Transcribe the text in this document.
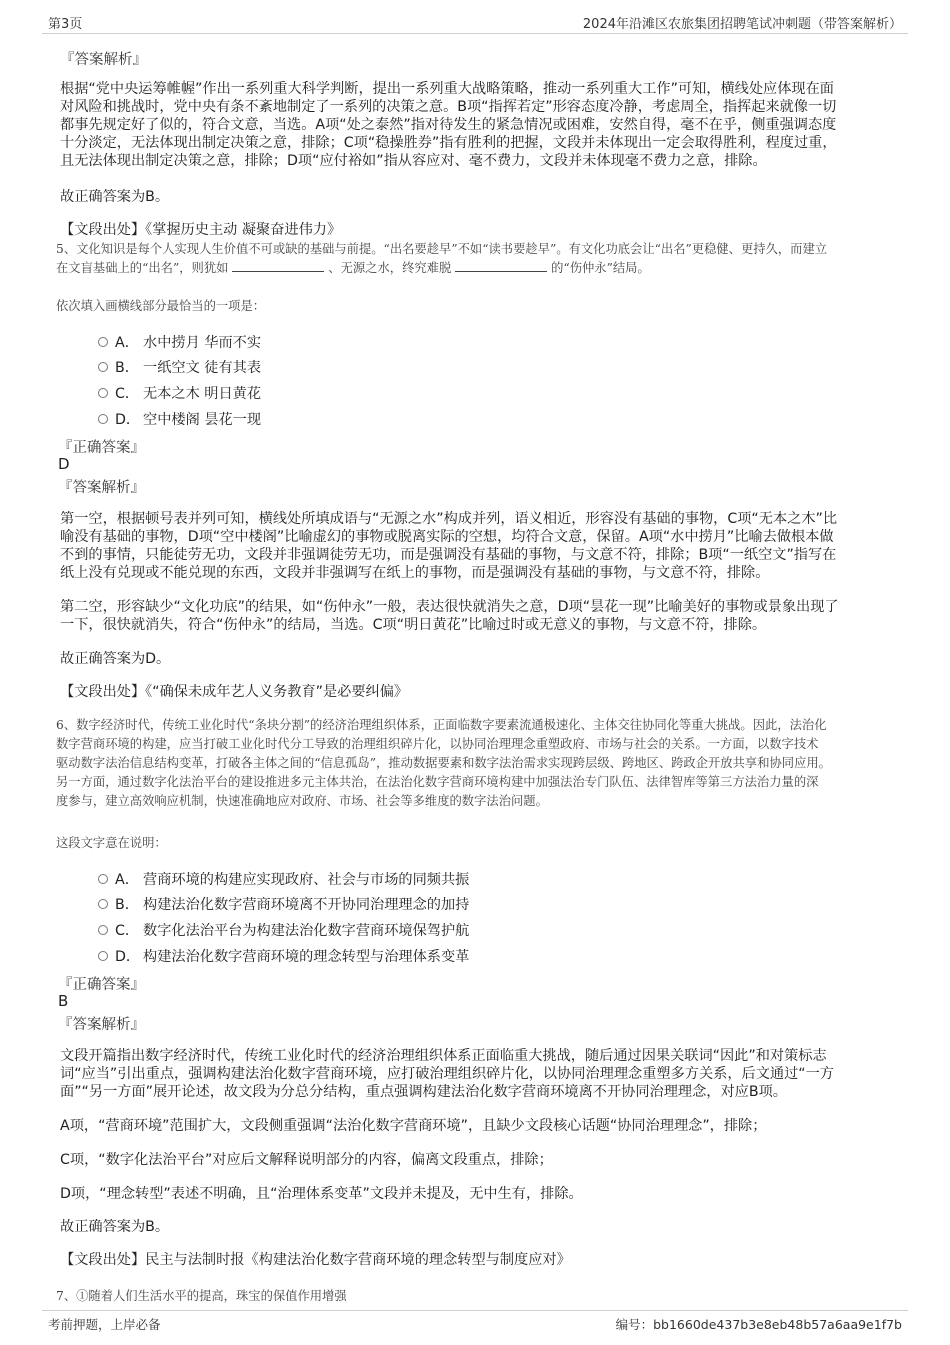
第3页	2024年沿滩区农旅集团招聘笔试冲刺题（带答案解析）
『答案解析』
根据“党中央运筹帷幄”作出一系列重大科学判断，提出一系列重大战略策略，推动一系列重大工作”可知，横线处应体现在面
对风险和挑战时，党中央有条不紊地制定了一系列的决策之意。B项“指挥若定”形容态度冷静，考虑周全，指挥起来就像一切
都事先规定好了似的，符合文意，当选。A项“处之泰然”指对待发生的紧急情况或困难，安然自得，毫不在乎，侧重强调态度
十分淡定，无法体现出制定决策之意，排除；C项“稳操胜券”指有胜利的把握，文段并未体现出一定会取得胜利，程度过重，
且无法体现出制定决策之意，排除；D项“应付裕如”指从容应对、毫不费力，文段并未体现毫不费力之意，排除。
故正确答案为B。
【文段出处】《掌握历史主动 凝聚奋进伟力》
5、文化知识是每个人实现人生价值不可或缺的基础与前提。“出名要趁早”不如“读书要趁早”。有文化功底会让“出名”更稳健、更持久，而建立
在文盲基础上的“出名”，则犹如	、无源之水，终究难脱	的“伤仲永”结局。
依次填入画横线部分最恰当的一项是：
A． 水中捞月 华而不实
B． 一纸空文 徒有其表
C． 无本之木 明日黄花
D． 空中楼阁 昙花一现
『正确答案』
D
『答案解析』
第一空，根据顿号表并列可知，横线处所填成语与“无源之水”构成并列，语义相近，形容没有基础的事物，C项“无本之木”比
喻没有基础的事物，D项“空中楼阁”比喻虚幻的事物或脱离实际的空想，均符合文意，保留。A项“水中捞月”比喻去做根本做
不到的事情，只能徒劳无功，文段并非强调徒劳无功，而是强调没有基础的事物，与文意不符，排除；B项“一纸空文”指写在
纸上没有兑现或不能兑现的东西，文段并非强调写在纸上的事物，而是强调没有基础的事物，与文意不符，排除。
第二空，形容缺少“文化功底”的结果，如“伤仲永”一般，表达很快就消失之意，D项“昙花一现”比喻美好的事物或景象出现了
一下，很快就消失，符合“伤仲永”的结局，当选。C项“明日黄花”比喻过时或无意义的事物，与文意不符，排除。
故正确答案为D。
【文段出处】《“确保未成年艺人义务教育”是必要纠偏》
6、数字经济时代，传统工业化时代“条块分割”的经济治理组织体系，正面临数字要素流通极速化、主体交往协同化等重大挑战。因此，法治化
数字营商环境的构建，应当打破工业化时代分工导致的治理组织碎片化，以协同治理理念重塑政府、市场与社会的关系。一方面，以数字技术
驱动数字法治信息结构变革，打破各主体之间的“信息孤岛”，推动数据要素和数字法治需求实现跨层级、跨地区、跨政企开放共享和协同应用。
另一方面，通过数字化法治平台的建设推进多元主体共治，在法治化数字营商环境构建中加强法治专门队伍、法律智库等第三方法治力量的深
度参与，建立高效响应机制，快速准确地应对政府、市场、社会等多维度的数字法治问题。
这段文字意在说明：
A． 营商环境的构建应实现政府、社会与市场的同频共振
B． 构建法治化数字营商环境离不开协同治理理念的加持
C． 数字化法治平台为构建法治化数字营商环境保驾护航
D． 构建法治化数字营商环境的理念转型与治理体系变革
『正确答案』
B
『答案解析』
文段开篇指出数字经济时代，传统工业化时代的经济治理组织体系正面临重大挑战，随后通过因果关联词“因此”和对策标志
词“应当”引出重点，强调构建法治化数字营商环境，应打破治理组织碎片化，以协同治理理念重塑多方关系，后文通过“一方
面”“另一方面”展开论述，故文段为分总分结构，重点强调构建法治化数字营商环境离不开协同治理理念，对应B项。
A项，“营商环境”范围扩大，文段侧重强调“法治化数字营商环境”，且缺少文段核心话题“协同治理理念”，排除；
C项，“数字化法治平台”对应后文解释说明部分的内容，偏离文段重点，排除；
D项，“理念转型”表述不明确，且“治理体系变革”文段并未提及，无中生有，排除。
故正确答案为B。
【文段出处】民主与法制时报《构建法治化数字营商环境的理念转型与制度应对》
7、①随着人们生活水平的提高，珠宝的保值作用增强
考前押题，上岸必备	编号：bb1660de437b3e8eb48b57a6aa9e1f7b
